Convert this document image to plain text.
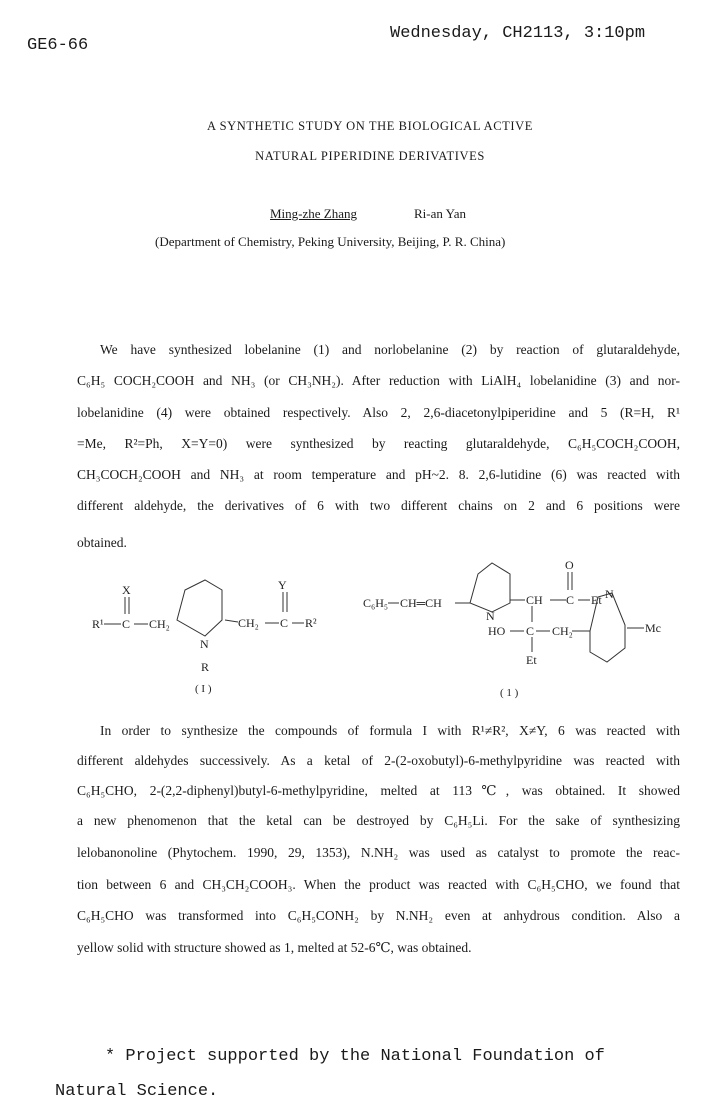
GE6-66
Wednesday, CH2113, 3:10pm
A SYNTHETIC STUDY ON THE BIOLOGICAL ACTIVE
NATURAL PIPERIDINE DERIVATIVES
Ming-zhe Zhang	Ri-an Yan
(Department of Chemistry, Peking University, Beijing, P. R. China)
We have synthesized lobelanine (1) and norlobelanine (2) by reaction of glutaraldehyde,
C₆H₅ COCH₂COOH and NH₃ (or CH₃NH₂). After reduction with LiAlH₄ lobelanidine (3) and nor-
lobelanidine (4) were obtained respectively. Also 2, 2,6-diacetonylpiperidine and 5 (R=H, R¹
=Me, R²=Ph, X=Y=0) were synthesized by reacting glutaraldehyde, C₆H₅COCH₂COOH,
CH₃COCH₂COOH and NH₃ at room temperature and pH~2. 8. 2,6-lutidine (6) was reacted with
different aldehyde, the derivatives of 6 with two different chains on 2 and 6 positions were
obtained.
R¹ C
X
CH₂
N
R
CH₂ C
Y
R²
( I )
C₆H₅ CH═CH
N
CH C
O
Et
HO C CH₂
N
Mc
Et
( 1 )
In order to synthesize the compounds of formula I with R¹≠R², X≠Y, 6 was reacted with
different aldehydes successively. As a ketal of 2-(2-oxobutyl)-6-methylpyridine was reacted with
C₆H₅CHO, 2-(2,2-diphenyl)butyl-6-methylpyridine, melted at 113℃, was obtained. It showed
a new phenomenon that the ketal can be destroyed by C₆H₅Li. For the sake of synthesizing
lelobanonoline (Phytochem. 1990, 29, 1353), N.NH₂ was used as catalyst to promote the reac-
tion between 6 and CH₃CH₂COOH₃. When the product was reacted with C₆H₅CHO, we found that
C₆H₅CHO was transformed into C₆H₅CONH₂ by N.NH₂ even at anhydrous condition. Also a
yellow solid with structure showed as 1, melted at 52-6℃, was obtained.
* Project supported by the National Foundation of
Natural Science.
